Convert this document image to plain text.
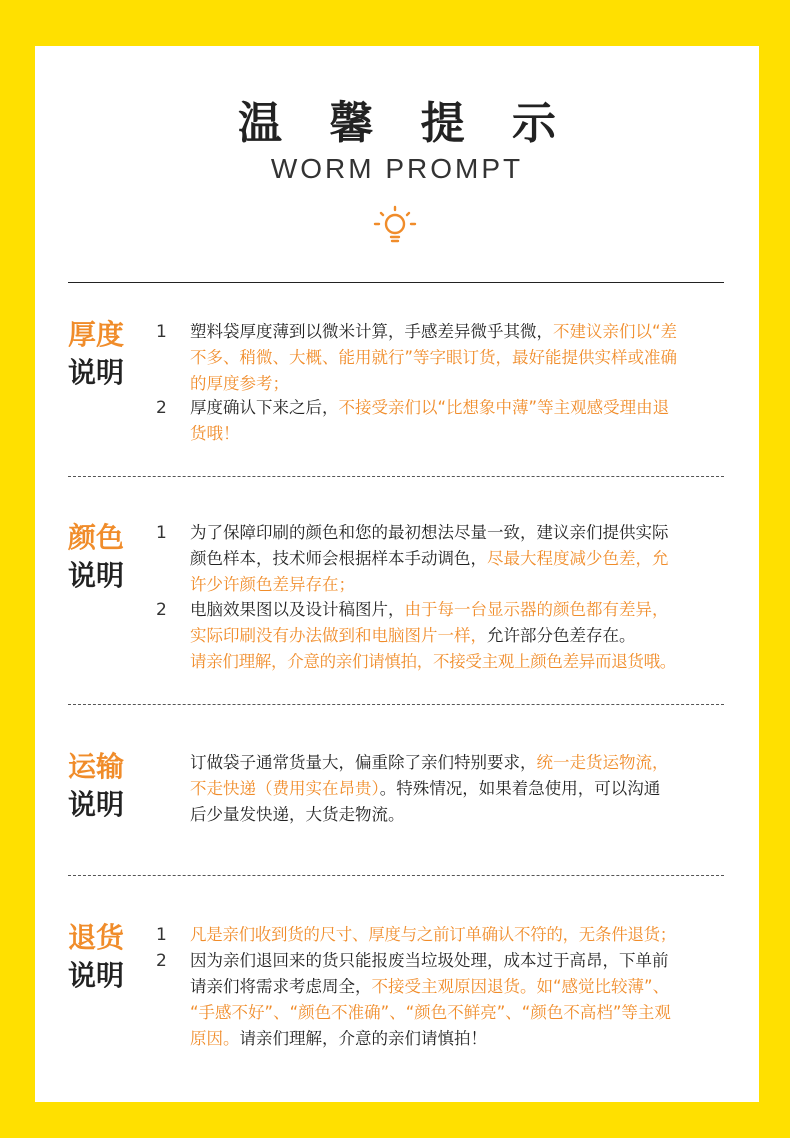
温 馨 提 示
WORM PROMPT
厚度
说明
1 塑料袋厚度薄到以微米计算，手感差异微乎其微，不建议亲们以“差
不多、稍微、大概、能用就行”等字眼订货，最好能提供实样或准确
的厚度参考；
2 厚度确认下来之后，不接受亲们以“比想象中薄”等主观感受理由退
货哦！
颜色
说明
1 为了保障印刷的颜色和您的最初想法尽量一致，建议亲们提供实际
颜色样本，技术师会根据样本手动调色，尽最大程度减少色差，允
许少许颜色差异存在；
2 电脑效果图以及设计稿图片，由于每一台显示器的颜色都有差异，
实际印刷没有办法做到和电脑图片一样，允许部分色差存在。
请亲们理解，介意的亲们请慎拍，不接受主观上颜色差异而退货哦。
运输
说明
订做袋子通常货量大，偏重除了亲们特别要求，统一走货运物流，
不走快递（费用实在昂贵）。特殊情况，如果着急使用，可以沟通
后少量发快递，大货走物流。
退货
说明
1 凡是亲们收到货的尺寸、厚度与之前订单确认不符的，无条件退货；
2 因为亲们退回来的货只能报废当垃圾处理，成本过于高昂，下单前
请亲们将需求考虑周全，不接受主观原因退货。如“感觉比较薄”、
“手感不好”、“颜色不准确”、“颜色不鲜亮”、“颜色不高档”等主观
原因。请亲们理解，介意的亲们请慎拍！
